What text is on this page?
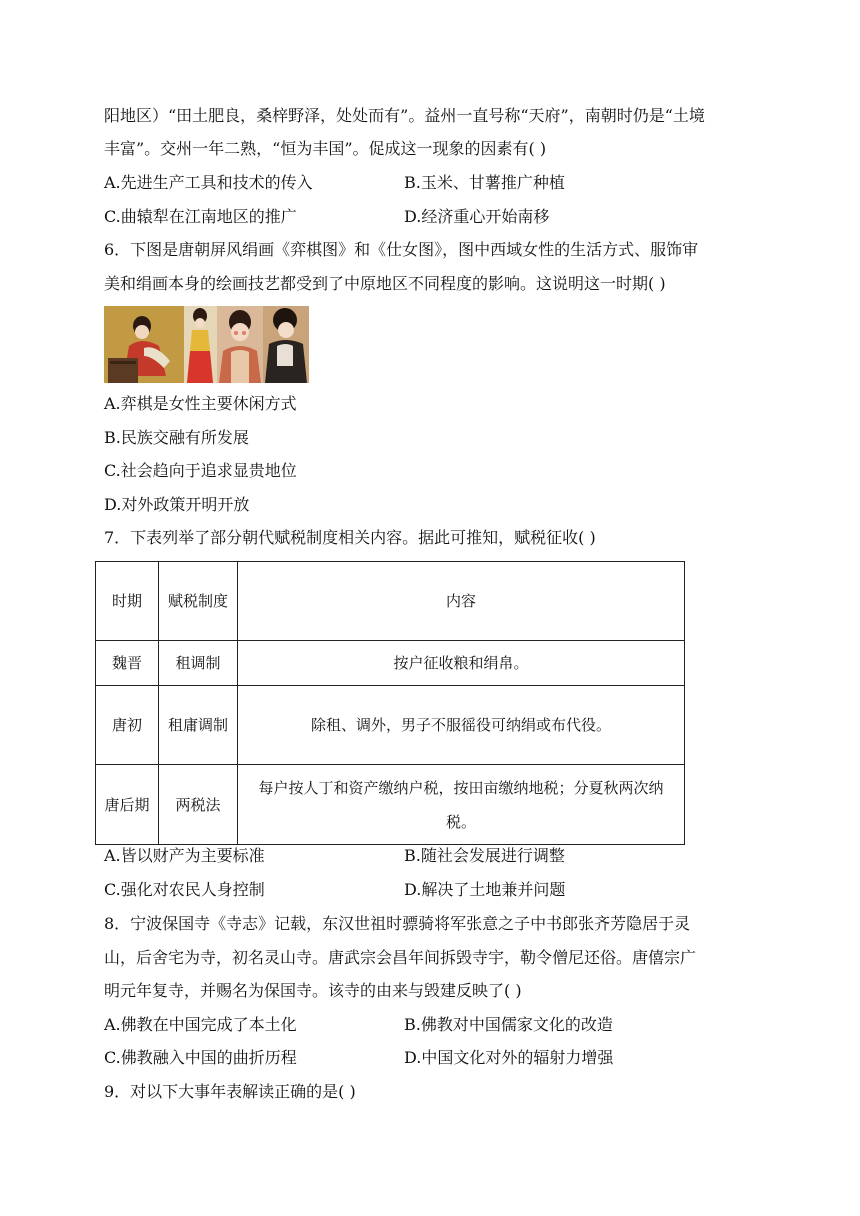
阳地区）“田土肥良，桑梓野泽，处处而有”。益州一直号称“天府”，南朝时仍是“土境
丰富”。交州一年二熟，“恒为丰国”。促成这一现象的因素有( )
A.先进生产工具和技术的传入	B.玉米、甘薯推广种植
C.曲辕犁在江南地区的推广	D.经济重心开始南移
6．下图是唐朝屏风绢画《弈棋图》和《仕女图》，图中西域女性的生活方式、服饰审
美和绢画本身的绘画技艺都受到了中原地区不同程度的影响。这说明这一时期( )
A.弈棋是女性主要休闲方式
B.民族交融有所发展
C.社会趋向于追求显贵地位
D.对外政策开明开放
7．下表列举了部分朝代赋税制度相关内容。据此可推知，赋税征收( )
时期	赋税制度	内容
魏晋	租调制	按户征收粮和绢帛。
唐初	租庸调制	除租、调外，男子不服徭役可纳绢或布代役。
唐后期	两税法	每户按人丁和资产缴纳户税，按田亩缴纳地税；分夏秋两次纳税。
A.皆以财产为主要标准	B.随社会发展进行调整
C.强化对农民人身控制	D.解决了土地兼并问题
8．宁波保国寺《寺志》记载，东汉世祖时骠骑将军张意之子中书郎张齐芳隐居于灵
山，后舍宅为寺，初名灵山寺。唐武宗会昌年间拆毁寺宇，勒令僧尼还俗。唐僖宗广
明元年复寺，并赐名为保国寺。该寺的由来与毁建反映了( )
A.佛教在中国完成了本土化	B.佛教对中国儒家文化的改造
C.佛教融入中国的曲折历程	D.中国文化对外的辐射力增强
9．对以下大事年表解读正确的是( )
